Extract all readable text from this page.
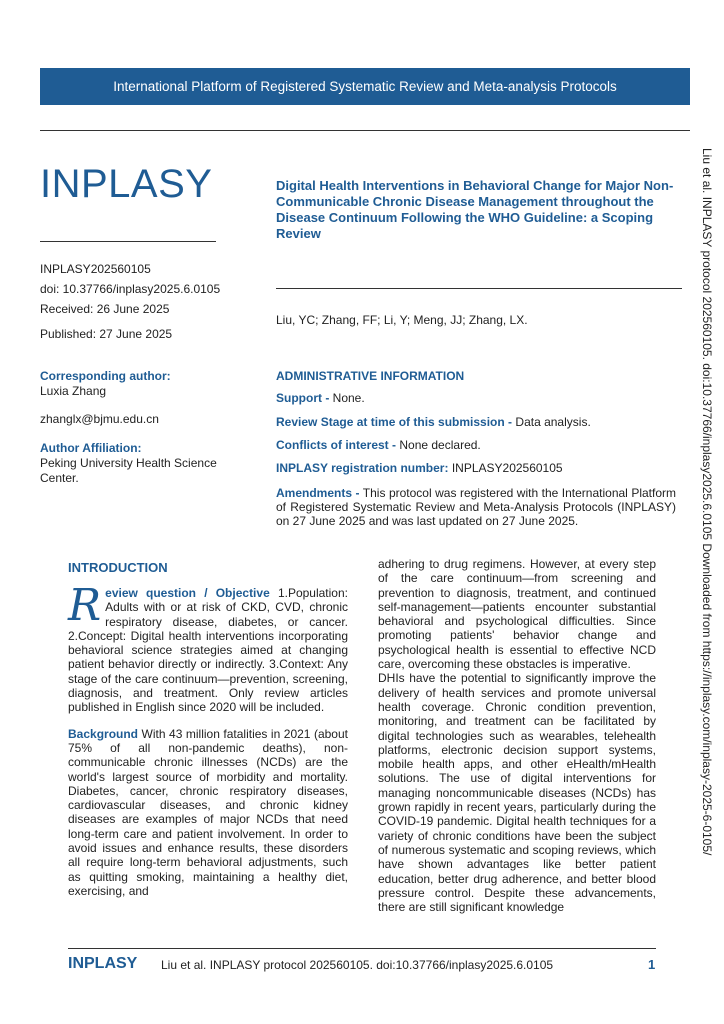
International Platform of Registered Systematic Review and Meta-analysis Protocols
INPLASY
INPLASY202560105
doi: 10.37766/inplasy2025.6.0105
Received: 26 June 2025
Published: 27 June 2025
Digital Health Interventions in Behavioral Change for Major Non-Communicable Chronic Disease Management throughout the Disease Continuum Following the WHO Guideline: a Scoping Review
Liu, YC; Zhang, FF; Li, Y; Meng, JJ; Zhang, LX.
Corresponding author:
Luxia Zhang
zhanglx@bjmu.edu.cn
Author Affiliation:
Peking University Health Science Center.
ADMINISTRATIVE INFORMATION
Support - None.
Review Stage at time of this submission - Data analysis.
Conflicts of interest - None declared.
INPLASY registration number: INPLASY202560105
Amendments - This protocol was registered with the International Platform of Registered Systematic Review and Meta-Analysis Protocols (INPLASY) on 27 June 2025 and was last updated on 27 June 2025.	Liu et al. INPLASY protocol 202560105. doi:10.37766/inplasy2025.6.0105 Downloaded from https://inplasy.com/inplasy-2025-6-0105/
INTRODUCTION

R eview question / Objective 1.Population: Adults with or at risk of CKD, CVD, chronic respiratory disease, diabetes, or cancer. 2.Concept: Digital health interventions incorporating behavioral science strategies aimed at changing patient behavior directly or indirectly. 3.Context: Any stage of the care continuum—prevention, screening, diagnosis, and treatment. Only review articles published in English since 2020 will be included.

Background With 43 million fatalities in 2021 (about 75% of all non-pandemic deaths), non-communicable chronic illnesses (NCDs) are the world's largest source of morbidity and mortality. Diabetes, cancer, chronic respiratory diseases, cardiovascular diseases, and chronic kidney diseases are examples of major NCDs that need long-term care and patient involvement. In order to avoid issues and enhance results, these disorders all require long-term behavioral adjustments, such as quitting smoking, maintaining a healthy diet, exercising, and

adhering to drug regimens. However, at every step of the care continuum—from screening and prevention to diagnosis, treatment, and continued self-management—patients encounter substantial behavioral and psychological difficulties. Since promoting patients' behavior change and psychological health is essential to effective NCD care, overcoming these obstacles is imperative.

DHIs have the potential to significantly improve the delivery of health services and promote universal health coverage. Chronic condition prevention, monitoring, and treatment can be facilitated by digital technologies such as wearables, telehealth platforms, electronic decision support systems, mobile health apps, and other eHealth/mHealth solutions. The use of digital interventions for managing noncommunicable diseases (NCDs) has grown rapidly in recent years, particularly during the COVID-19 pandemic. Digital health techniques for a variety of chronic conditions have been the subject of numerous systematic and scoping reviews, which have shown advantages like better patient education, better drug adherence, and better blood pressure control. Despite these advancements, there are still significant knowledge

INPLASY Liu et al. INPLASY protocol 202560105. doi:10.37766/inplasy2025.6.0105	1
